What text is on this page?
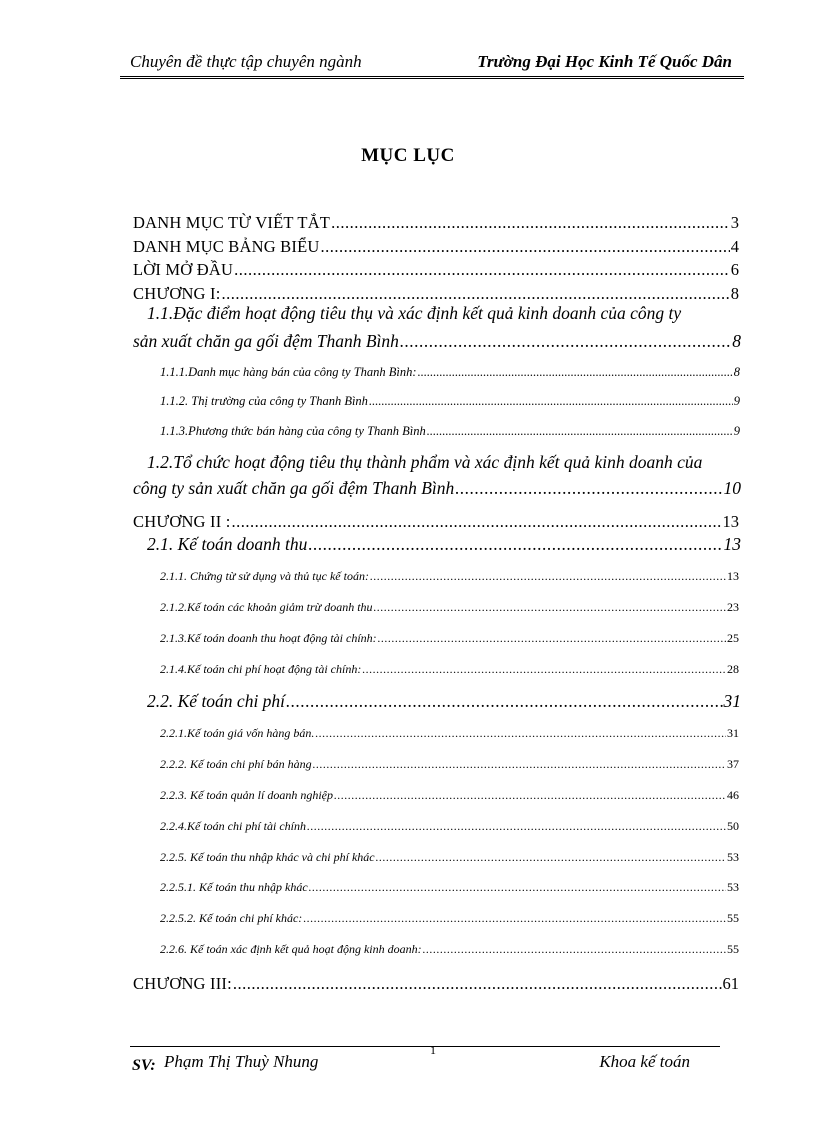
Chuyên đề thực tập chuyên ngành	Trường Đại Học Kinh Tế Quốc Dân
MỤC LỤC
DANH MỤC TỪ VIẾT TẮT .....	3
DANH MỤC BẢNG BIỂU .....	4
LỜI MỞ ĐẦU .....	6
CHƯƠNG I: .....	8
1.1.Đặc điểm hoạt động tiêu thụ và xác định kết quả kinh doanh của công ty
sản xuất chăn ga gối đệm Thanh Bình .....	8
1.1.1.Danh mục hàng bán của công ty Thanh Bình: .....	8
1.1.2. Thị trường của công ty Thanh Bình .....	9
1.1.3.Phương thức bán hàng của công ty Thanh Bình .....	9
1.2.Tổ chức hoạt động tiêu thụ thành phẩm và xác định kết quả kinh doanh của
công ty sản xuất chăn ga gối đệm Thanh Bình .....	10
CHƯƠNG II : .....	13
2.1. Kế toán doanh thu .....	13
2.1.1. Chứng từ sử dụng và thủ tục kế toán: .....	13
2.1.2.Kế toán các khoản giảm trừ doanh thu .....	23
2.1.3.Kế toán doanh thu hoạt động tài chính: .....	25
2.1.4.Kế toán chi phí hoạt động tài chính: .....	28
2.2. Kế toán chi phí .....	31
2.2.1.Kế toán giá vốn hàng bán. .....	31
2.2.2. Kế toán chi phí bán hàng .....	37
2.2.3. Kế toán quản lí doanh nghiệp .....	46
2.2.4.Kế toán chi phí tài chính .....	50
2.2.5. Kế toán thu nhập khác và chi phí khác .....	53
2.2.5.1. Kế toán thu nhập khác .....	53
2.2.5.2. Kế toán chi phí khác: .....	55
2.2.6. Kế toán xác định kết quả hoạt động kinh doanh: .....	55
CHƯƠNG III: .....	61
SV: Phạm Thị Thuỳ Nhung
1
Khoa kế toán
